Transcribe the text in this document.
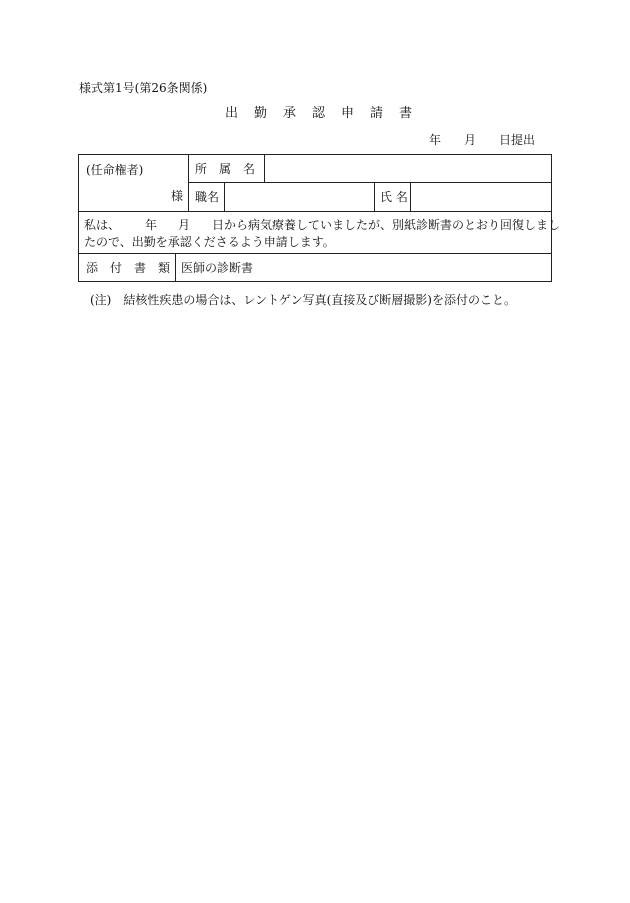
様式第1号(第26条関係)
出 勤 承 認 申 請 書
年 月 日提出
(任命権者)
様
所　属　名
職名	氏 名
私は、 年 月 日から病気療養していましたが、別紙診断書のとおり回復しまし
たので、出勤を承認くださるよう申請します。
添　付　書　類 医師の診断書
(注)　結核性疾患の場合は、レントゲン写真(直接及び断層撮影)を添付のこと。
